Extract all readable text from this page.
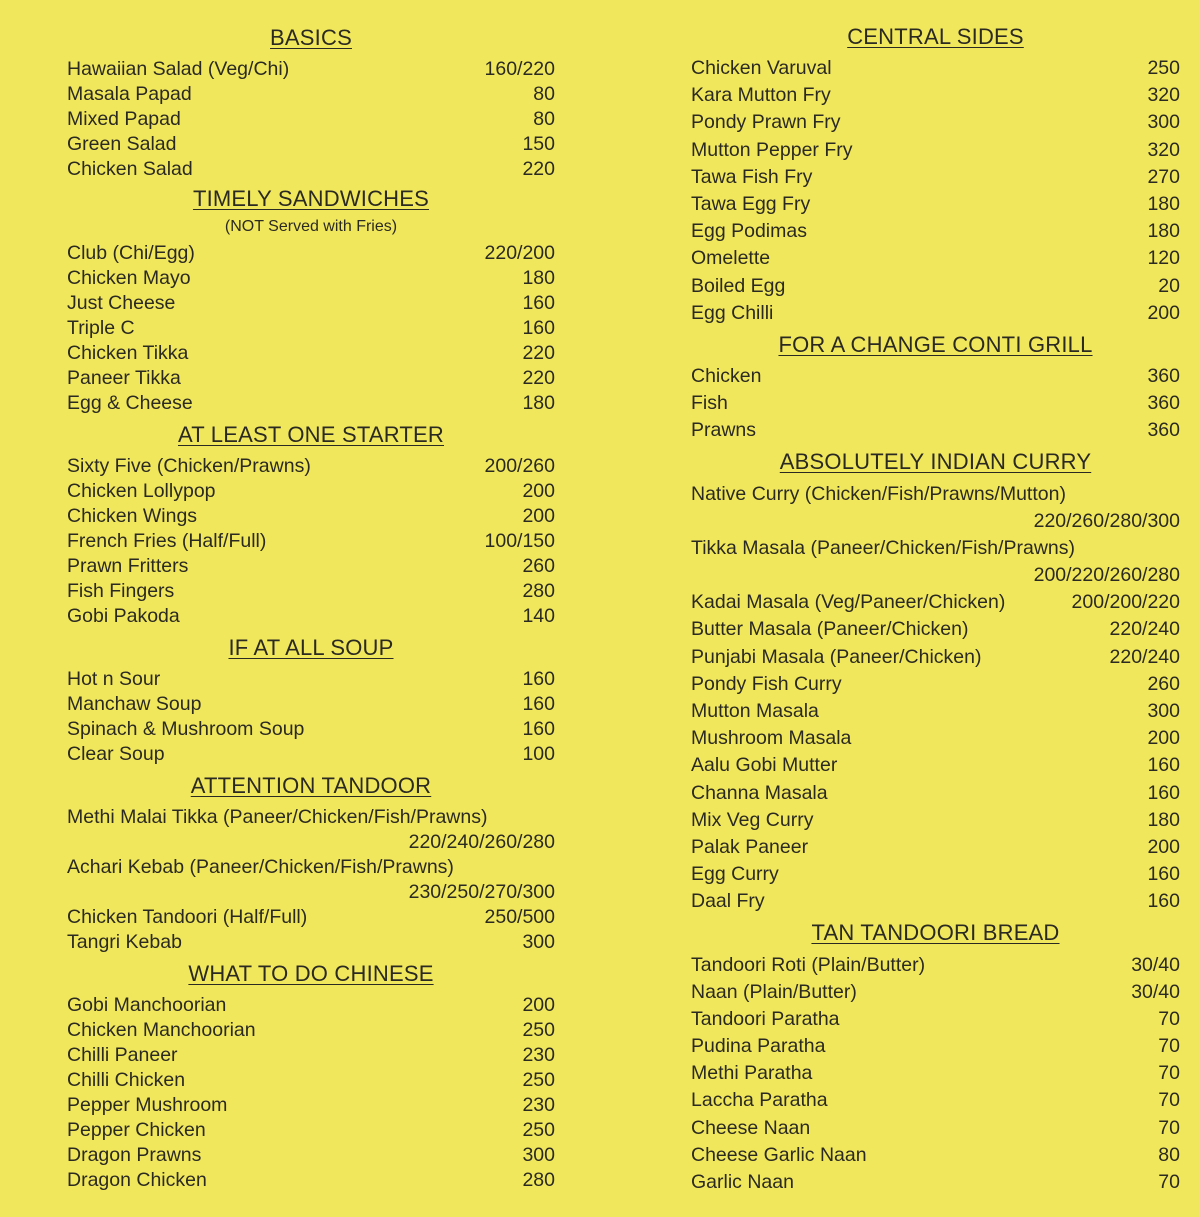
BASICS
Hawaiian Salad (Veg/Chi)	160/220
Masala Papad	80
Mixed Papad	80
Green Salad	150
Chicken Salad	220
TIMELY SANDWICHES
(NOT Served with Fries)
Club (Chi/Egg)	220/200
Chicken Mayo	180
Just Cheese	160
Triple C	160
Chicken Tikka	220
Paneer Tikka	220
Egg & Cheese	180
AT LEAST ONE STARTER
Sixty Five (Chicken/Prawns)	200/260
Chicken Lollypop	200
Chicken Wings	200
French Fries (Half/Full)	100/150
Prawn Fritters	260
Fish Fingers	280
Gobi Pakoda	140
IF AT ALL SOUP
Hot n Sour	160
Manchaw Soup	160
Spinach & Mushroom Soup	160
Clear Soup	100
ATTENTION TANDOOR
Methi Malai Tikka (Paneer/Chicken/Fish/Prawns)
220/240/260/280
Achari Kebab (Paneer/Chicken/Fish/Prawns)
230/250/270/300
Chicken Tandoori (Half/Full)	250/500
Tangri Kebab	300
WHAT TO DO CHINESE
Gobi Manchoorian	200
Chicken Manchoorian	250
Chilli Paneer	230
Chilli Chicken	250
Pepper Mushroom	230
Pepper Chicken	250
Dragon Prawns	300
Dragon Chicken	280
CENTRAL SIDES
Chicken Varuval	250
Kara Mutton Fry	320
Pondy Prawn Fry	300
Mutton Pepper Fry	320
Tawa Fish Fry	270
Tawa Egg Fry	180
Egg Podimas	180
Omelette	120
Boiled Egg	20
Egg Chilli	200
FOR A CHANGE CONTI GRILL
Chicken	360
Fish	360
Prawns	360
ABSOLUTELY INDIAN CURRY
Native Curry (Chicken/Fish/Prawns/Mutton)
220/260/280/300
Tikka Masala (Paneer/Chicken/Fish/Prawns)
200/220/260/280
Kadai Masala (Veg/Paneer/Chicken)	200/200/220
Butter Masala (Paneer/Chicken)	220/240
Punjabi Masala (Paneer/Chicken)	220/240
Pondy Fish Curry	260
Mutton Masala	300
Mushroom Masala	200
Aalu Gobi Mutter	160
Channa Masala	160
Mix Veg Curry	180
Palak Paneer	200
Egg Curry	160
Daal Fry	160
TAN TANDOORI BREAD
Tandoori Roti (Plain/Butter)	30/40
Naan (Plain/Butter)	30/40
Tandoori Paratha	70
Pudina Paratha	70
Methi Paratha	70
Laccha Paratha	70
Cheese Naan	70
Cheese Garlic Naan	80
Garlic Naan	70
